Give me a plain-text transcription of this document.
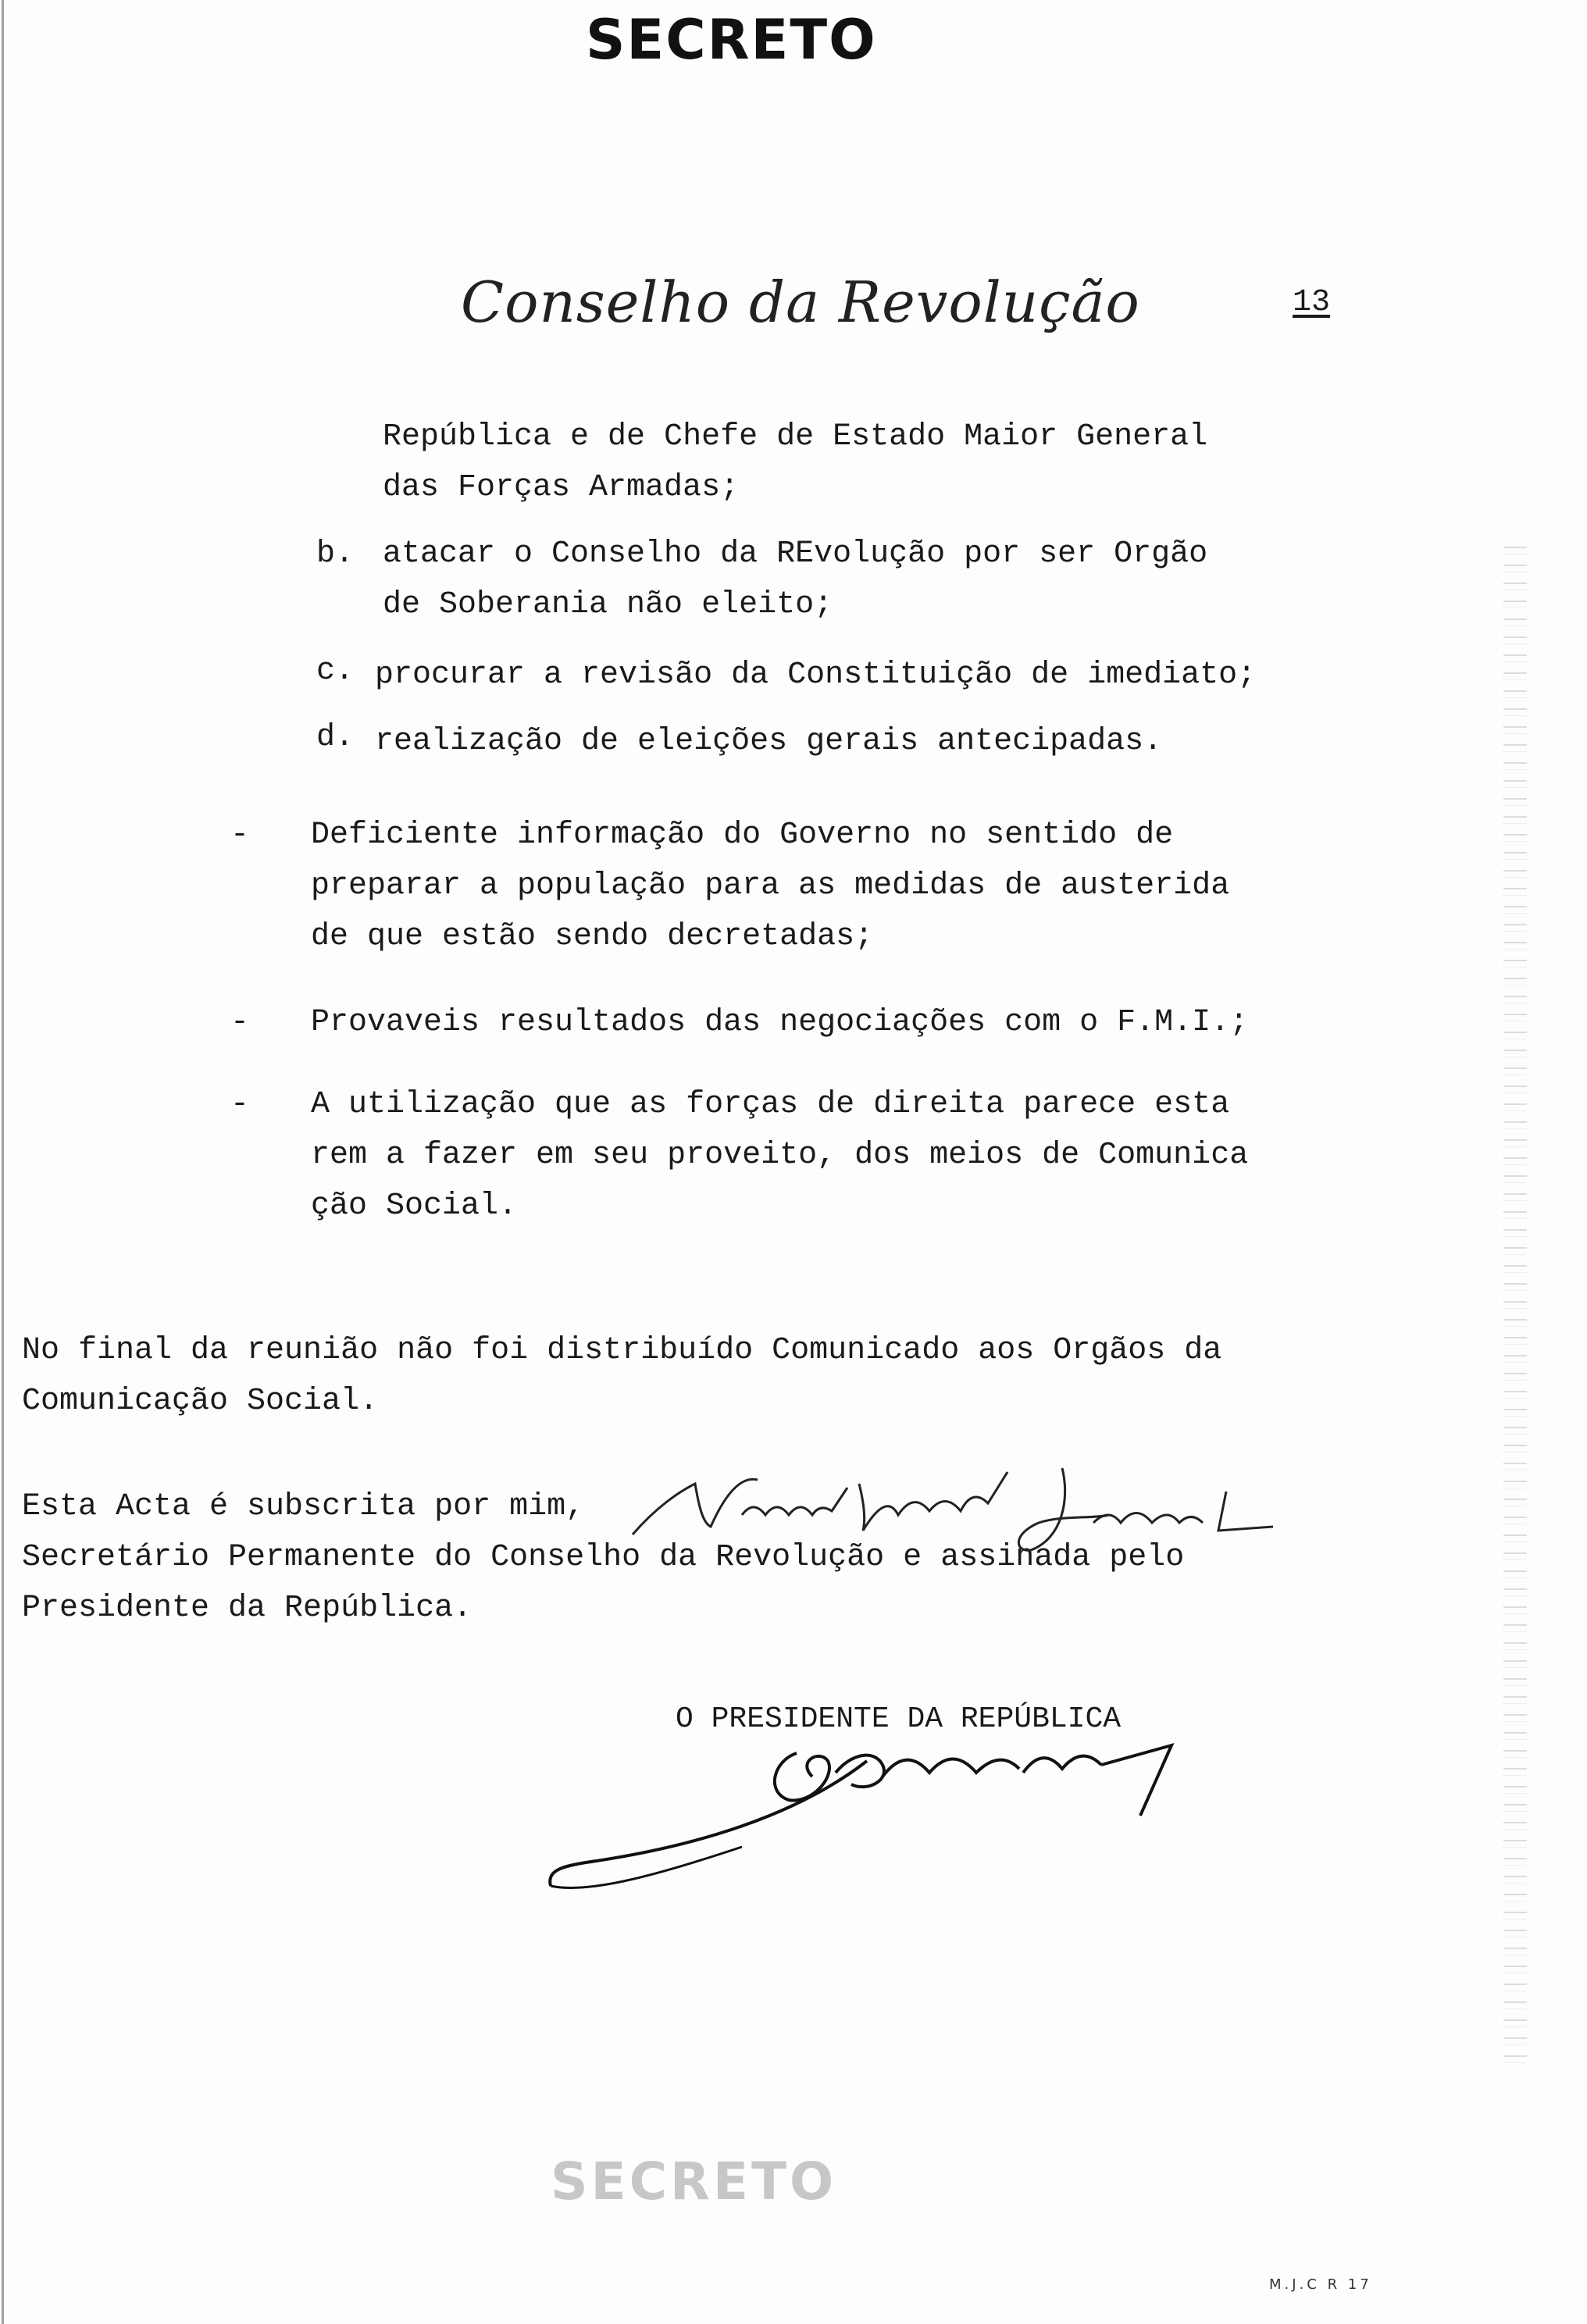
SECRETO
Conselho da Revolução	13
República e de Chefe de Estado Maior General
das Forças Armadas;
b. atacar o Conselho da REvolução por ser Orgão
de Soberania não eleito;
c. procurar a revisão da Constituição de imediato;
d. realização de eleições gerais antecipadas.
- Deficiente informação do Governo no sentido de
preparar a população para as medidas de austerida
de que estão sendo decretadas;
- Provaveis resultados das negociações com o F.M.I.;
- A utilização que as forças de direita parece esta
rem a fazer em seu proveito, dos meios de Comunica
ção Social.
No final da reunião não foi distribuído Comunicado aos Orgãos da
Comunicação Social.
Esta Acta é subscrita por mim,
Secretário Permanente do Conselho da Revolução e assinada pelo
Presidente da República.
O PRESIDENTE DA REPÚBLICA
SECRETO
M.J.C R 17
